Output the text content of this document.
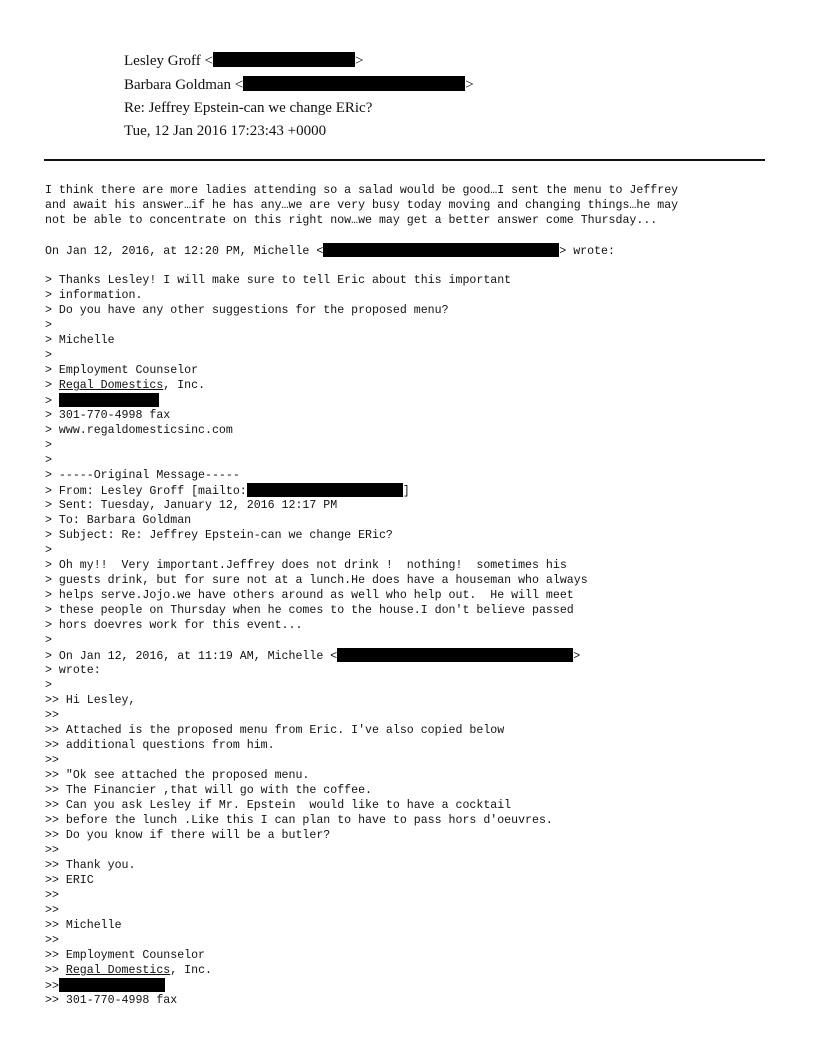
Lesley Groff <	>
Barbara Goldman <	>
Re: Jeffrey Epstein-can we change ERic?
Tue, 12 Jan 2016 17:23:43 +0000
I think there are more ladies attending so a salad would be good…I sent the menu to Jeffrey
and await his answer…if he has any…we are very busy today moving and changing things…he may
not be able to concentrate on this right now…we may get a better answer come Thursday...
On Jan 12, 2016, at 12:20 PM, Michelle <	> wrote:
> Thanks Lesley! I will make sure to tell Eric about this important
> information.
> Do you have any other suggestions for the proposed menu?
>
> Michelle
>
> Employment Counselor
> Regal Domestics, Inc.
>
> 301-770-4998 fax
> www.regaldomesticsinc.com
>
>
> -----Original Message-----
> From: Lesley Groff [mailto:	]
> Sent: Tuesday, January 12, 2016 12:17 PM
> To: Barbara Goldman
> Subject: Re: Jeffrey Epstein-can we change ERic?
>
> Oh my!!  Very important.Jeffrey does not drink !  nothing!  sometimes his
> guests drink, but for sure not at a lunch.He does have a houseman who always
> helps serve.Jojo.we have others around as well who help out.  He will meet
> these people on Thursday when he comes to the house.I don't believe passed
> hors doevres work for this event...
>
> On Jan 12, 2016, at 11:19 AM, Michelle <	>
> wrote:
>
>> Hi Lesley,
>>
>> Attached is the proposed menu from Eric. I've also copied below
>> additional questions from him.
>>
>> "Ok see attached the proposed menu.
>> The Financier ,that will go with the coffee.
>> Can you ask Lesley if Mr. Epstein  would like to have a cocktail
>> before the lunch .Like this I can plan to have to pass hors d'oeuvres.
>> Do you know if there will be a butler?
>>
>> Thank you.
>> ERIC
>>
>>
>> Michelle
>>
>> Employment Counselor
>> Regal Domestics, Inc.
>>
>> 301-770-4998 fax
